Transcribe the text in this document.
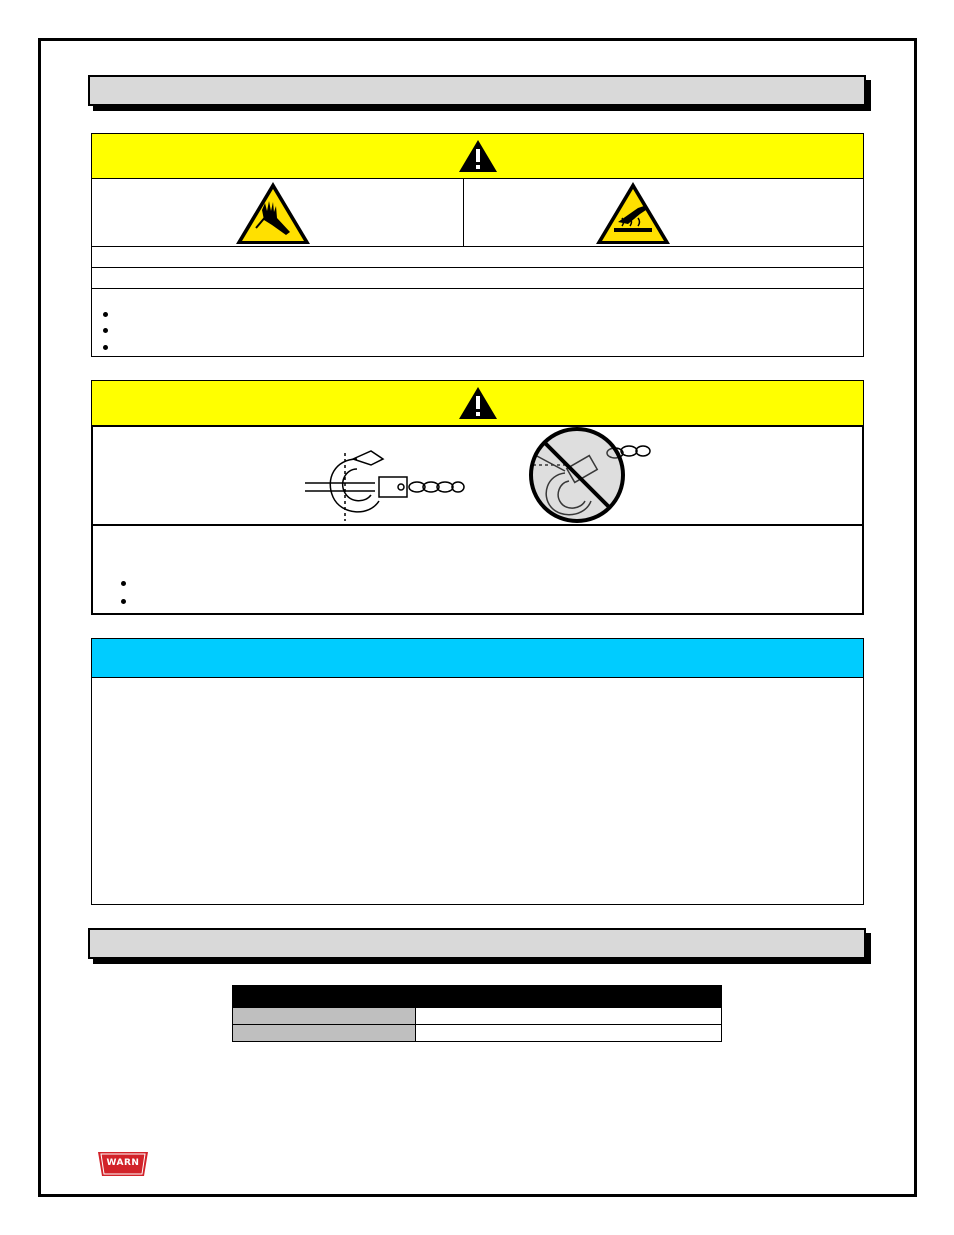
WARN
